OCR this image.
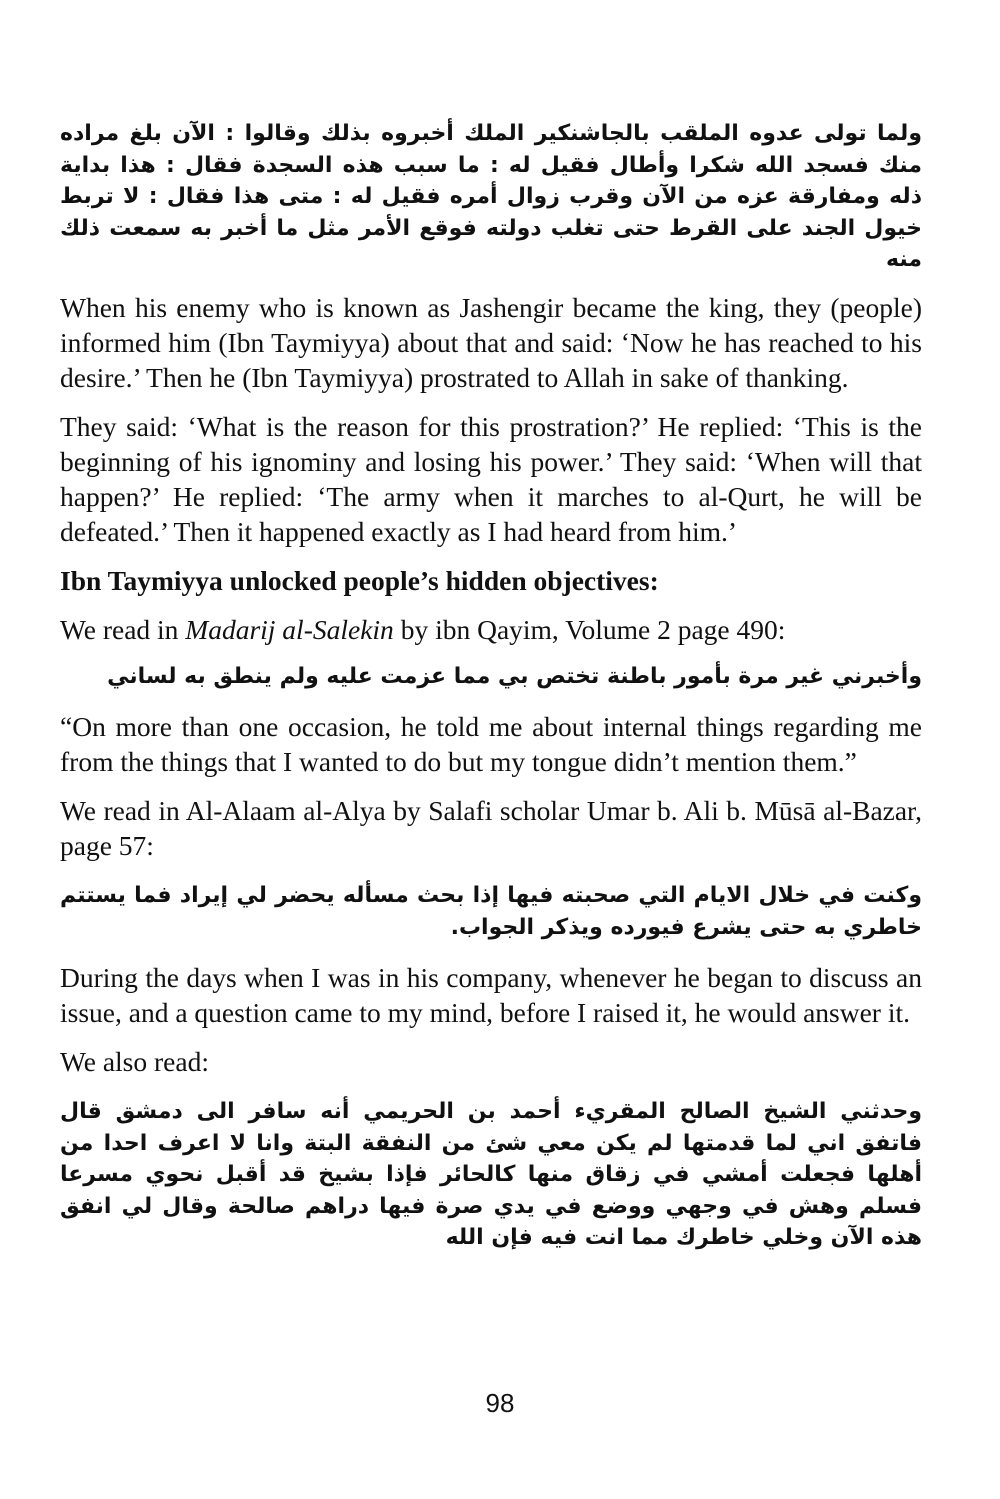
ولما تولى عدوه الملقب بالجاشنكير الملك أخبروه بذلك وقالوا : الآن بلغ مراده منك فسجد الله شكرا وأطال فقيل له : ما سبب هذه السجدة فقال : هذا بداية ذله ومفارقة عزه من الآن وقرب زوال أمره فقيل له : متى هذا فقال : لا تربط خيول الجند على القرط حتى تغلب دولته فوقع الأمر مثل ما أخبر به سمعت ذلك منه

When his enemy who is known as Jashengir became the king, they (people) informed him (Ibn Taymiyya) about that and said: ‘Now he has reached to his desire.’ Then he (Ibn Taymiyya) prostrated to Allah in sake of thanking.

They said: ‘What is the reason for this prostration?’ He replied: ‘This is the beginning of his ignominy and losing his power.’ They said: ‘When will that happen?’ He replied: ‘The army when it marches to al-Qurt, he will be defeated.’ Then it happened exactly as I had heard from him.’

Ibn Taymiyya unlocked people’s hidden objectives:

We read in Madarij al-Salekin by ibn Qayim, Volume 2 page 490:

وأخبرني غير مرة بأمور باطنة تختص بي مما عزمت عليه ولم ينطق به لساني

“On more than one occasion, he told me about internal things regarding me from the things that I wanted to do but my tongue didn’t mention them.”

We read in Al-Alaam al-Alya by Salafi scholar Umar b. Ali b. Mūsā al-Bazar, page 57:

وكنت في خلال الايام التي صحبته فيها إذا بحث مسأله يحضر لي إيراد فما يستتم خاطري به حتى يشرع فيورده ويذكر الجواب.

During the days when I was in his company, whenever he began to discuss an issue, and a question came to my mind, before I raised it, he would answer it.

We also read:

وحدثني الشيخ الصالح المقريء أحمد بن الحريمي أنه سافر الى دمشق قال فاتفق اني لما قدمتها لم يكن معي شئ من النفقة البتة وانا لا اعرف احدا من أهلها فجعلت أمشي في زقاق منها كالحائر فإذا بشيخ قد أقبل نحوي مسرعا فسلم وهش في وجهي ووضع في يدي صرة فيها دراهم صالحة وقال لي انفق هذه الآن وخلي خاطرك مما انت فيه فإن الله

98
